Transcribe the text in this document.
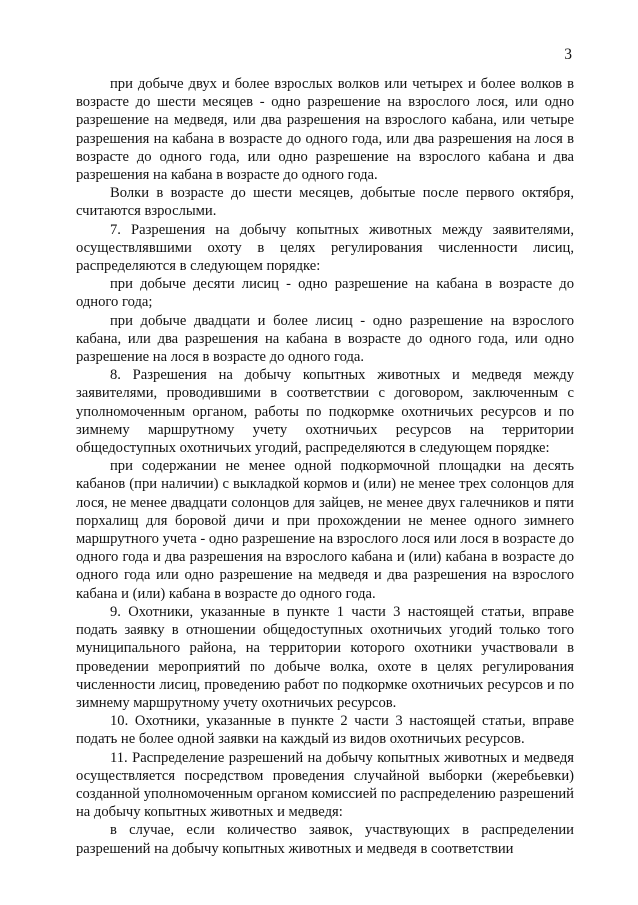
3

при добыче двух и более взрослых волков или четырех и более волков в возрасте до шести месяцев - одно разрешение на взрослого лося, или одно разрешение на медведя, или два разрешения на взрослого кабана, или четыре разрешения на кабана в возрасте до одного года, или два разрешения на лося в возрасте до одного года, или одно разрешение на взрослого кабана и два разрешения на кабана в возрасте до одного года.

Волки в возрасте до шести месяцев, добытые после первого октября, считаются взрослыми.

7. Разрешения на добычу копытных животных между заявителями, осуществлявшими охоту в целях регулирования численности лисиц, распределяются в следующем порядке:

при добыче десяти лисиц - одно разрешение на кабана в возрасте до одного года;

при добыче двадцати и более лисиц - одно разрешение на взрослого кабана, или два разрешения на кабана в возрасте до одного года, или одно разрешение на лося в возрасте до одного года.

8. Разрешения на добычу копытных животных и медведя между заявителями, проводившими в соответствии с договором, заключенным с уполномоченным органом, работы по подкормке охотничьих ресурсов и по зимнему маршрутному учету охотничьих ресурсов на территории общедоступных охотничьих угодий, распределяются в следующем порядке:

при содержании не менее одной подкормочной площадки на десять кабанов (при наличии) с выкладкой кормов и (или) не менее трех солонцов для лося, не менее двадцати солонцов для зайцев, не менее двух галечников и пяти порхалищ для боровой дичи и при прохождении не менее одного зимнего маршрутного учета - одно разрешение на взрослого лося или лося в возрасте до одного года и два разрешения на взрослого кабана и (или) кабана в возрасте до одного года или одно разрешение на медведя и два разрешения на взрослого кабана и (или) кабана в возрасте до одного года.

9. Охотники, указанные в пункте 1 части 3 настоящей статьи, вправе подать заявку в отношении общедоступных охотничьих угодий только того муниципального района, на территории которого охотники участвовали в проведении мероприятий по добыче волка, охоте в целях регулирования численности лисиц, проведению работ по подкормке охотничьих ресурсов и по зимнему маршрутному учету охотничьих ресурсов.

10. Охотники, указанные в пункте 2 части 3 настоящей статьи, вправе подать не более одной заявки на каждый из видов охотничьих ресурсов.

11. Распределение разрешений на добычу копытных животных и медведя осуществляется посредством проведения случайной выборки (жеребьевки) созданной уполномоченным органом комиссией по распределению разрешений на добычу копытных животных и медведя:

в случае, если количество заявок, участвующих в распределении разрешений на добычу копытных животных и медведя в соответствии
